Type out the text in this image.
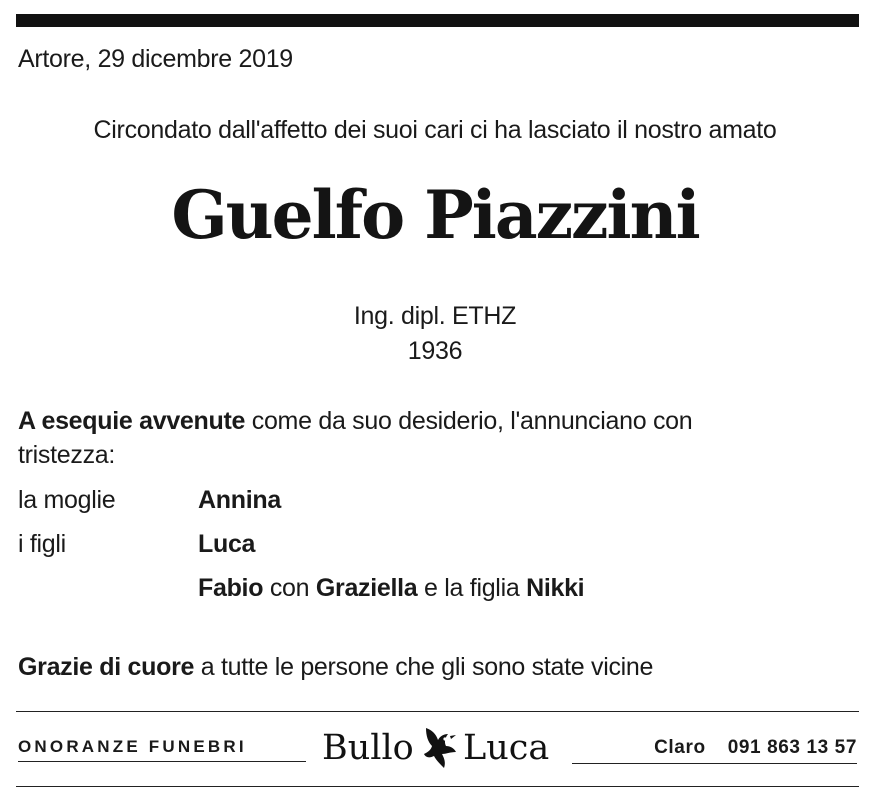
Artore, 29 dicembre 2019
Circondato dall'affetto dei suoi cari ci ha lasciato il nostro amato
Guelfo Piazzini
Ing. dipl. ETHZ
1936
A esequie avvenute come da suo desiderio, l'annunciano con tristezza:
la moglie	Annina
i figli	Luca
Fabio con Graziella e la figlia Nikki
Grazie di cuore a tutte le persone che gli sono state vicine
ONORANZE FUNEBRI	Bullo Luca	Claro 091 863 13 57
